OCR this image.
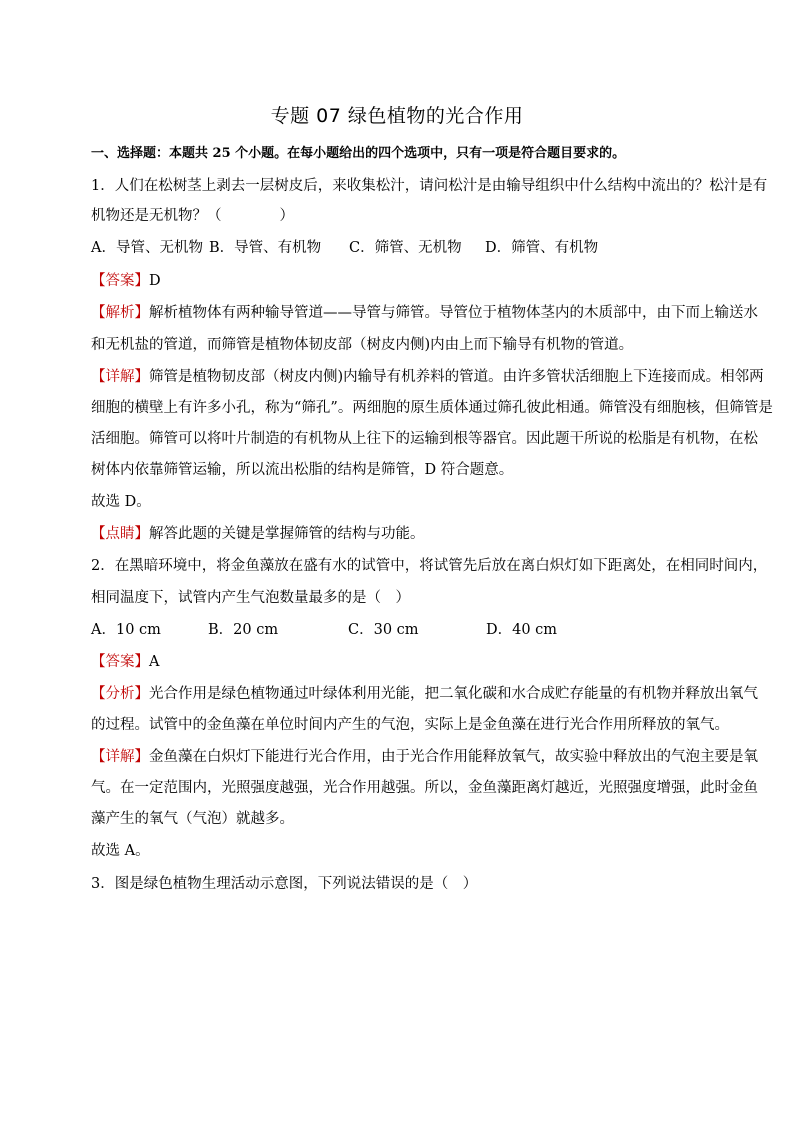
专题 07 绿色植物的光合作用
一、选择题：本题共 25 个小题。在每小题给出的四个选项中，只有一项是符合题目要求的。
1．人们在松树茎上剥去一层树皮后，来收集松汁，请问松汁是由输导组织中什么结构中流出的？松汁是有
机物还是无机物？（　　　　）
A．导管、无机物 B．导管、有机物 C．筛管、无机物 D．筛管、有机物
【答案】D
【解析】解析植物体有两种输导管道——导管与筛管。导管位于植物体茎内的木质部中，由下而上输送水
和无机盐的管道，而筛管是植物体韧皮部（树皮内侧)内由上而下输导有机物的管道。
【详解】筛管是植物韧皮部（树皮内侧)内输导有机养料的管道。由许多管状活细胞上下连接而成。相邻两
细胞的横壁上有许多小孔，称为“筛孔”。两细胞的原生质体通过筛孔彼此相通。筛管没有细胞核，但筛管是
活细胞。筛管可以将叶片制造的有机物从上往下的运输到根等器官。因此题干所说的松脂是有机物，在松
树体内依靠筛管运输，所以流出松脂的结构是筛管，D 符合题意。
故选 D。
【点睛】解答此题的关键是掌握筛管的结构与功能。
2．在黑暗环境中，将金鱼藻放在盛有水的试管中，将试管先后放在离白炽灯如下距离处，在相同时间内，
相同温度下，试管内产生气泡数量最多的是（　）
A．10 cm	B．20 cm	C．30 cm	D．40 cm
【答案】A
【分析】光合作用是绿色植物通过叶绿体利用光能，把二氧化碳和水合成贮存能量的有机物并释放出氧气
的过程。试管中的金鱼藻在单位时间内产生的气泡，实际上是金鱼藻在进行光合作用所释放的氧气。
【详解】金鱼藻在白炽灯下能进行光合作用，由于光合作用能释放氧气，故实验中释放出的气泡主要是氧
气。在一定范围内，光照强度越强，光合作用越强。所以，金鱼藻距离灯越近，光照强度增强，此时金鱼
藻产生的氧气（气泡）就越多。
故选 A。
3．图是绿色植物生理活动示意图，下列说法错误的是（　）
